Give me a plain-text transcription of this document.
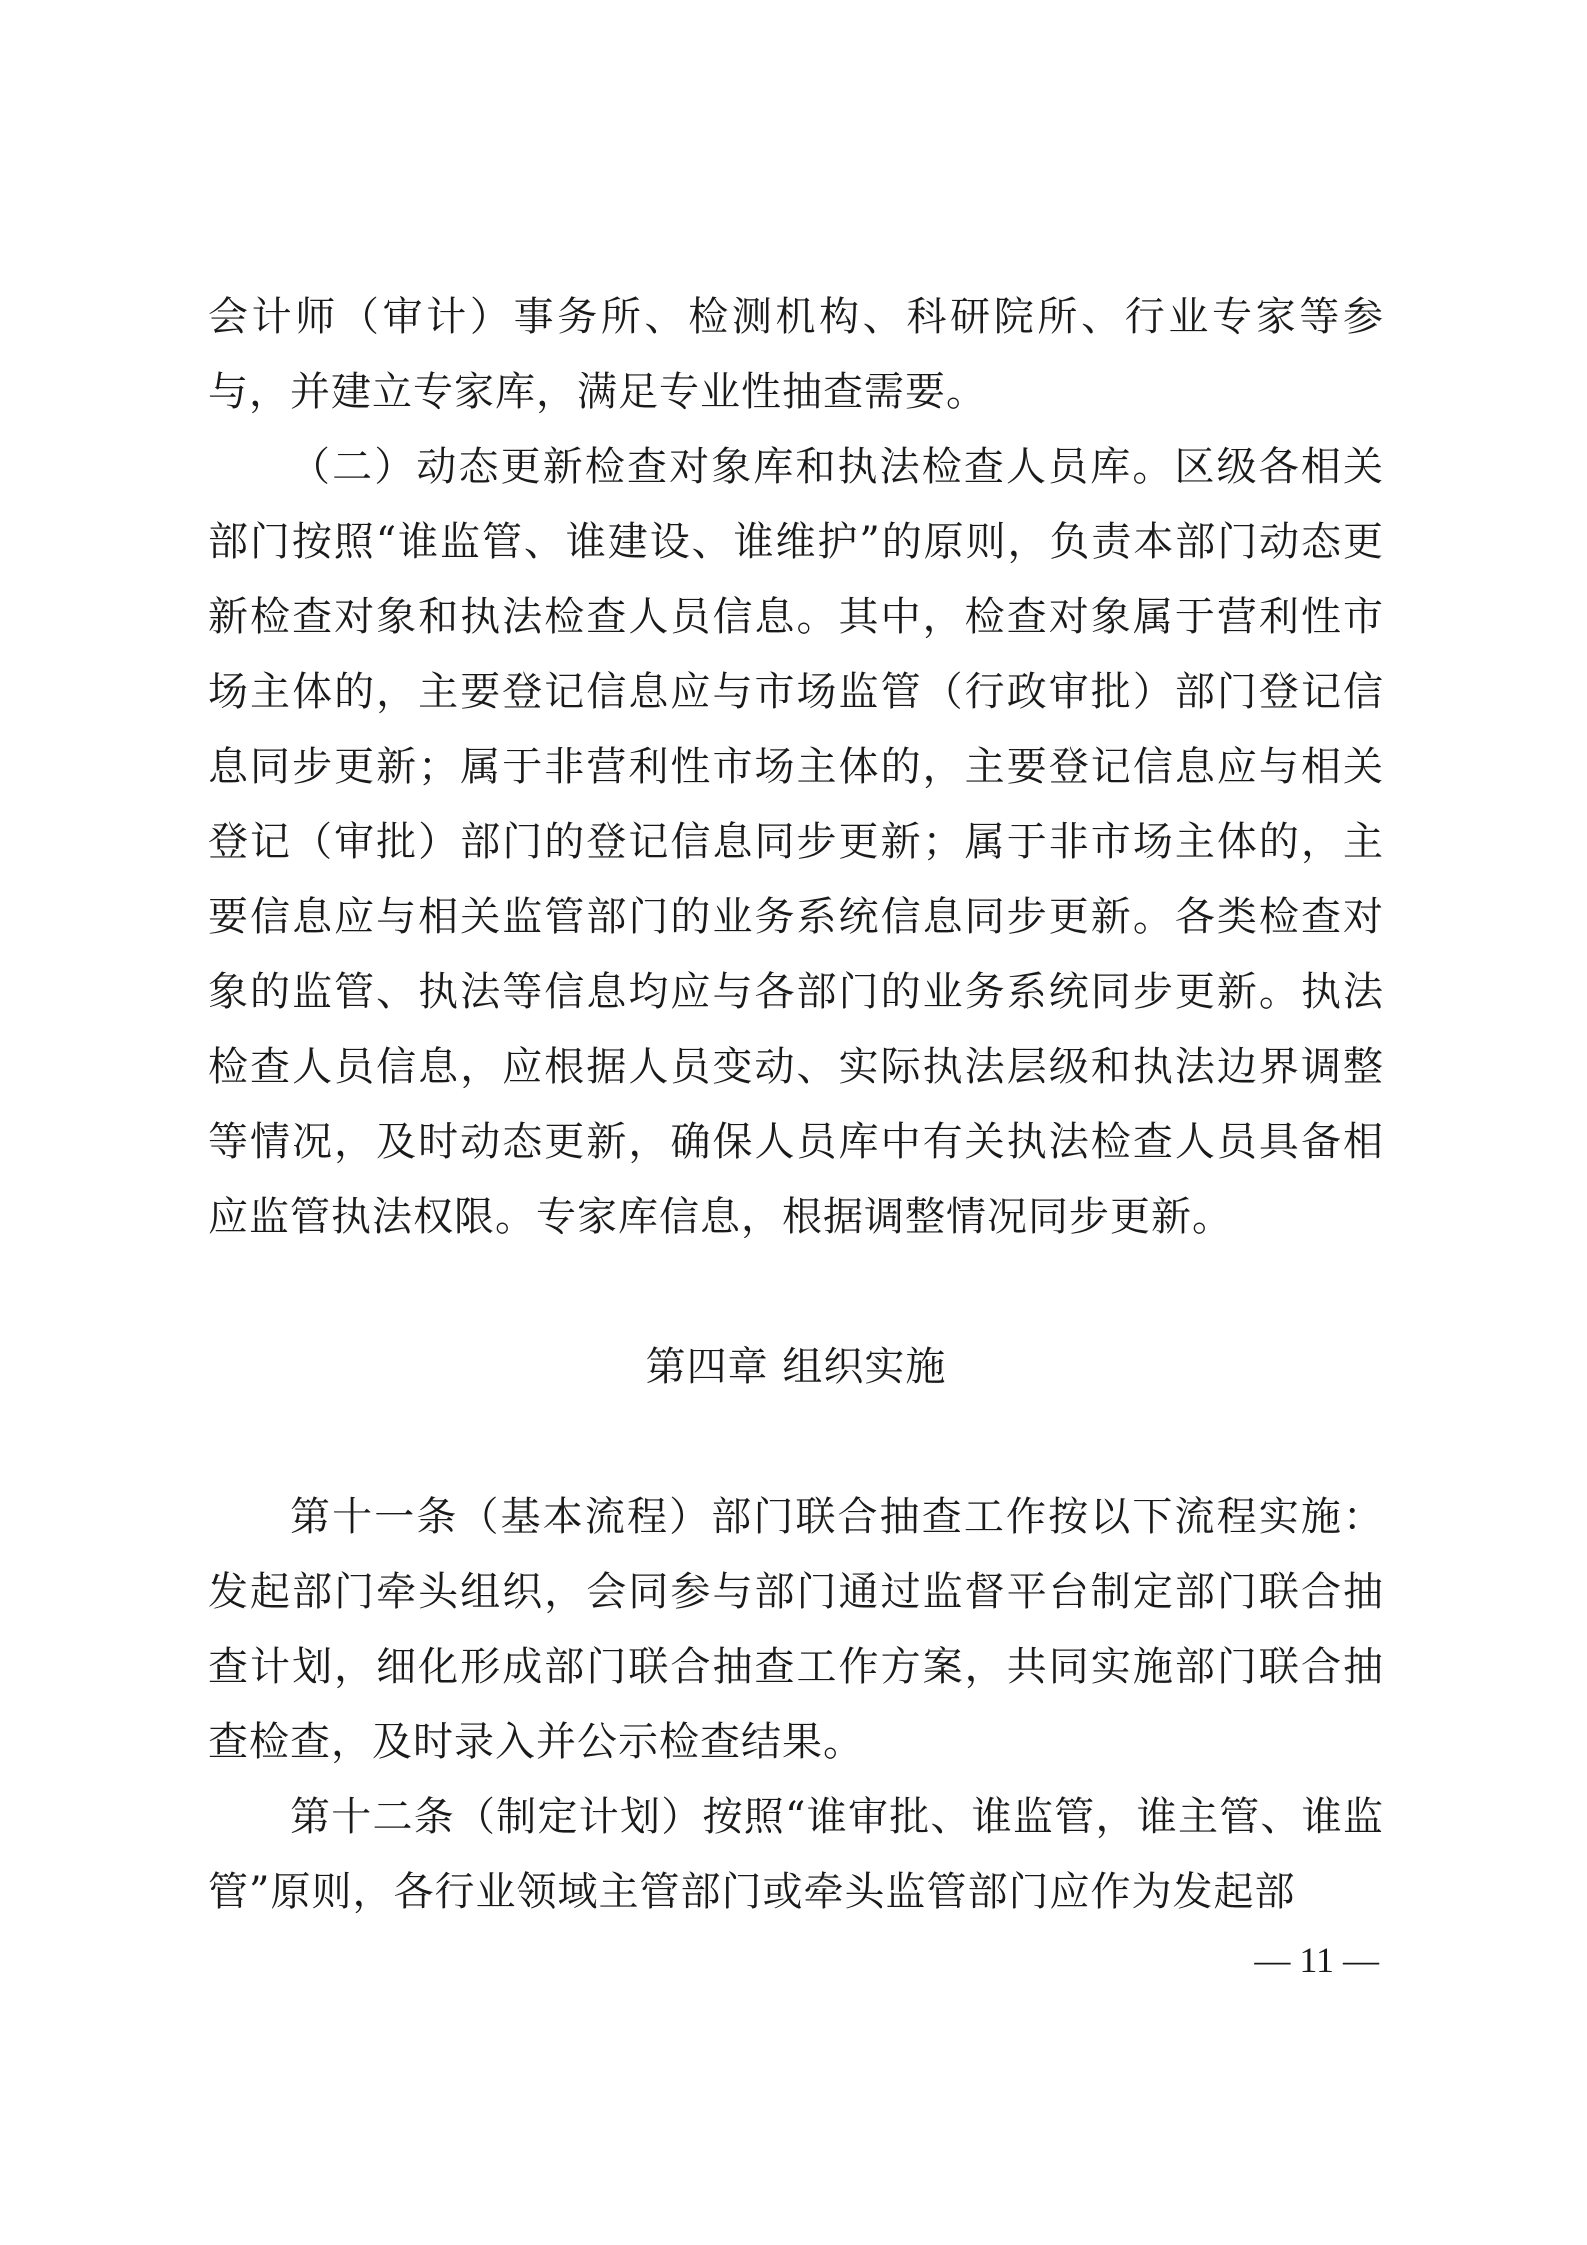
会计师（审计）事务所、检测机构、科研院所、行业专家等参与，并建立专家库，满足专业性抽查需要。

（二）动态更新检查对象库和执法检查人员库。区级各相关部门按照“谁监管、谁建设、谁维护”的原则，负责本部门动态更新检查对象和执法检查人员信息。其中，检查对象属于营利性市场主体的，主要登记信息应与市场监管（行政审批）部门登记信息同步更新；属于非营利性市场主体的，主要登记信息应与相关登记（审批）部门的登记信息同步更新；属于非市场主体的，主要信息应与相关监管部门的业务系统信息同步更新。各类检查对象的监管、执法等信息均应与各部门的业务系统同步更新。执法检查人员信息，应根据人员变动、实际执法层级和执法边界调整等情况，及时动态更新，确保人员库中有关执法检查人员具备相应监管执法权限。专家库信息，根据调整情况同步更新。

第四章 组织实施

第十一条（基本流程）部门联合抽查工作按以下流程实施：发起部门牵头组织，会同参与部门通过监督平台制定部门联合抽查计划，细化形成部门联合抽查工作方案，共同实施部门联合抽查检查，及时录入并公示检查结果。

第十二条（制定计划）按照“谁审批、谁监管，谁主管、谁监管”原则，各行业领域主管部门或牵头监管部门应作为发起部

— 11 —
